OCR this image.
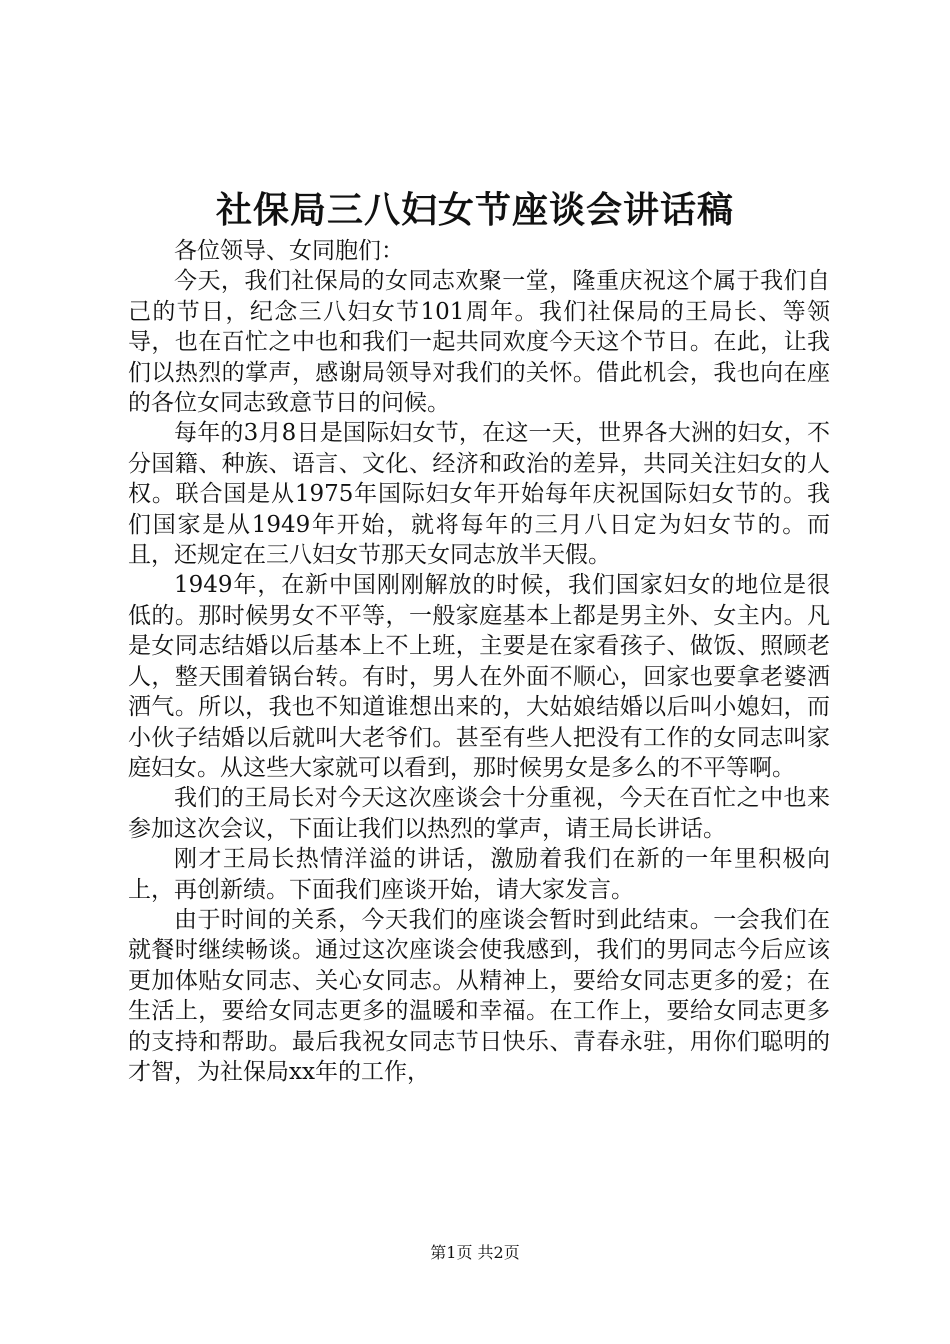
社保局三八妇女节座谈会讲话稿

各位领导、女同胞们：

今天，我们社保局的女同志欢聚一堂，隆重庆祝这个属于我们自己的节日，纪念三八妇女节101周年。我们社保局的王局长、等领导，也在百忙之中也和我们一起共同欢度今天这个节日。在此，让我们以热烈的掌声，感谢局领导对我们的关怀。借此机会，我也向在座的各位女同志致意节日的问候。

每年的3月8日是国际妇女节，在这一天，世界各大洲的妇女，不分国籍、种族、语言、文化、经济和政治的差异，共同关注妇女的人权。联合国是从1975年国际妇女年开始每年庆祝国际妇女节的。我们国家是从1949年开始，就将每年的三月八日定为妇女节的。而且，还规定在三八妇女节那天女同志放半天假。

1949年，在新中国刚刚解放的时候，我们国家妇女的地位是很低的。那时候男女不平等，一般家庭基本上都是男主外、女主内。凡是女同志结婚以后基本上不上班，主要是在家看孩子、做饭、照顾老人，整天围着锅台转。有时，男人在外面不顺心，回家也要拿老婆洒洒气。所以，我也不知道谁想出来的，大姑娘结婚以后叫小媳妇，而小伙子结婚以后就叫大老爷们。甚至有些人把没有工作的女同志叫家庭妇女。从这些大家就可以看到，那时候男女是多么的不平等啊。

我们的王局长对今天这次座谈会十分重视，今天在百忙之中也来参加这次会议，下面让我们以热烈的掌声，请王局长讲话。

刚才王局长热情洋溢的讲话，激励着我们在新的一年里积极向上，再创新绩。下面我们座谈开始，请大家发言。

由于时间的关系，今天我们的座谈会暂时到此结束。一会我们在就餐时继续畅谈。通过这次座谈会使我感到，我们的男同志今后应该更加体贴女同志、关心女同志。从精神上，要给女同志更多的爱；在生活上，要给女同志更多的温暖和幸福。在工作上，要给女同志更多的支持和帮助。最后我祝女同志节日快乐、青春永驻，用你们聪明的才智，为社保局xx年的工作，

第1页 共2页
